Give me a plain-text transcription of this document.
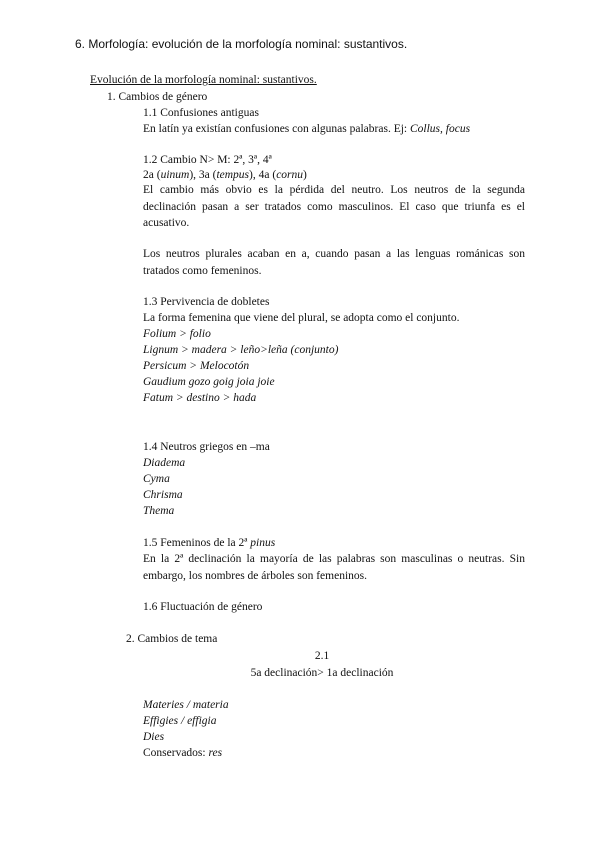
6. Morfología: evolución de la morfología nominal: sustantivos.
Evolución de la morfología nominal: sustantivos.
1. Cambios de género
1.1 Confusiones antiguas
En latín ya existían confusiones con algunas palabras. Ej: Collus, focus
1.2 Cambio N> M: 2ª, 3ª, 4ª
2a (uinum), 3a (tempus), 4a (cornu)
El cambio más obvio es la pérdida del neutro. Los neutros de la segunda declinación pasan a ser tratados como masculinos. El caso que triunfa es el acusativo.
Los neutros plurales acaban en a, cuando pasan a las lenguas románicas son tratados como femeninos.
1.3 Pervivencia de dobletes
La forma femenina que viene del plural, se adopta como el conjunto.
Folium > folio
Lignum > madera > leño>leña (conjunto)
Persicum > Melocotón
Gaudium gozo goig joia joie
Fatum > destino > hada
1.4 Neutros griegos en –ma
Diadema
Cyma
Chrisma
Thema
1.5 Femeninos de la 2ª pinus
En la 2ª declinación la mayoría de las palabras son masculinas o neutras. Sin embargo, los nombres de árboles son femeninos.
1.6 Fluctuación de género
2. Cambios de tema
2.1
5a declinación> 1a declinación
Materies / materia
Effigies / effigia
Dies
Conservados: res
